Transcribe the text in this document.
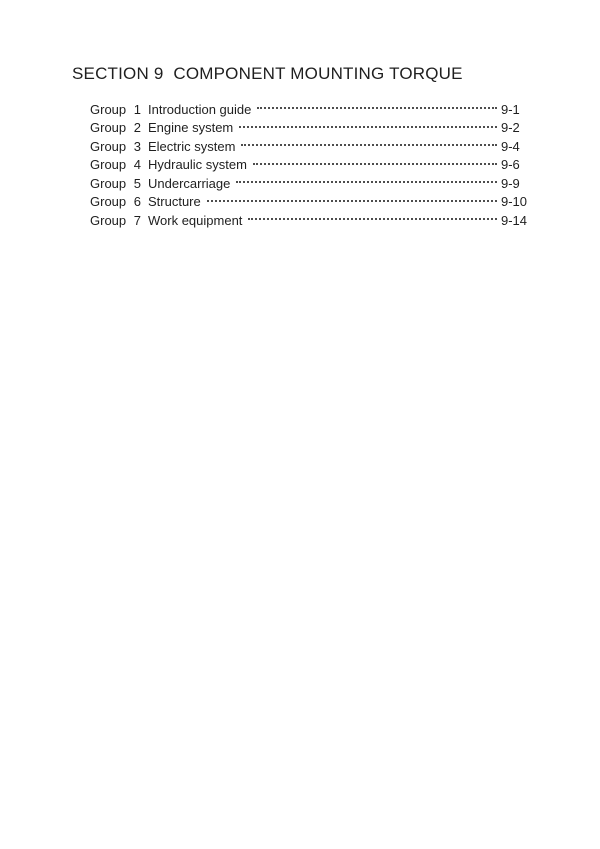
SECTION 9  COMPONENT MOUNTING TORQUE
Group 1 Introduction guide	9-1
Group 2 Engine system	9-2
Group 3 Electric system	9-4
Group 4 Hydraulic system	9-6
Group 5 Undercarriage	9-9
Group 6 Structure	9-10
Group 7 Work equipment	9-14
